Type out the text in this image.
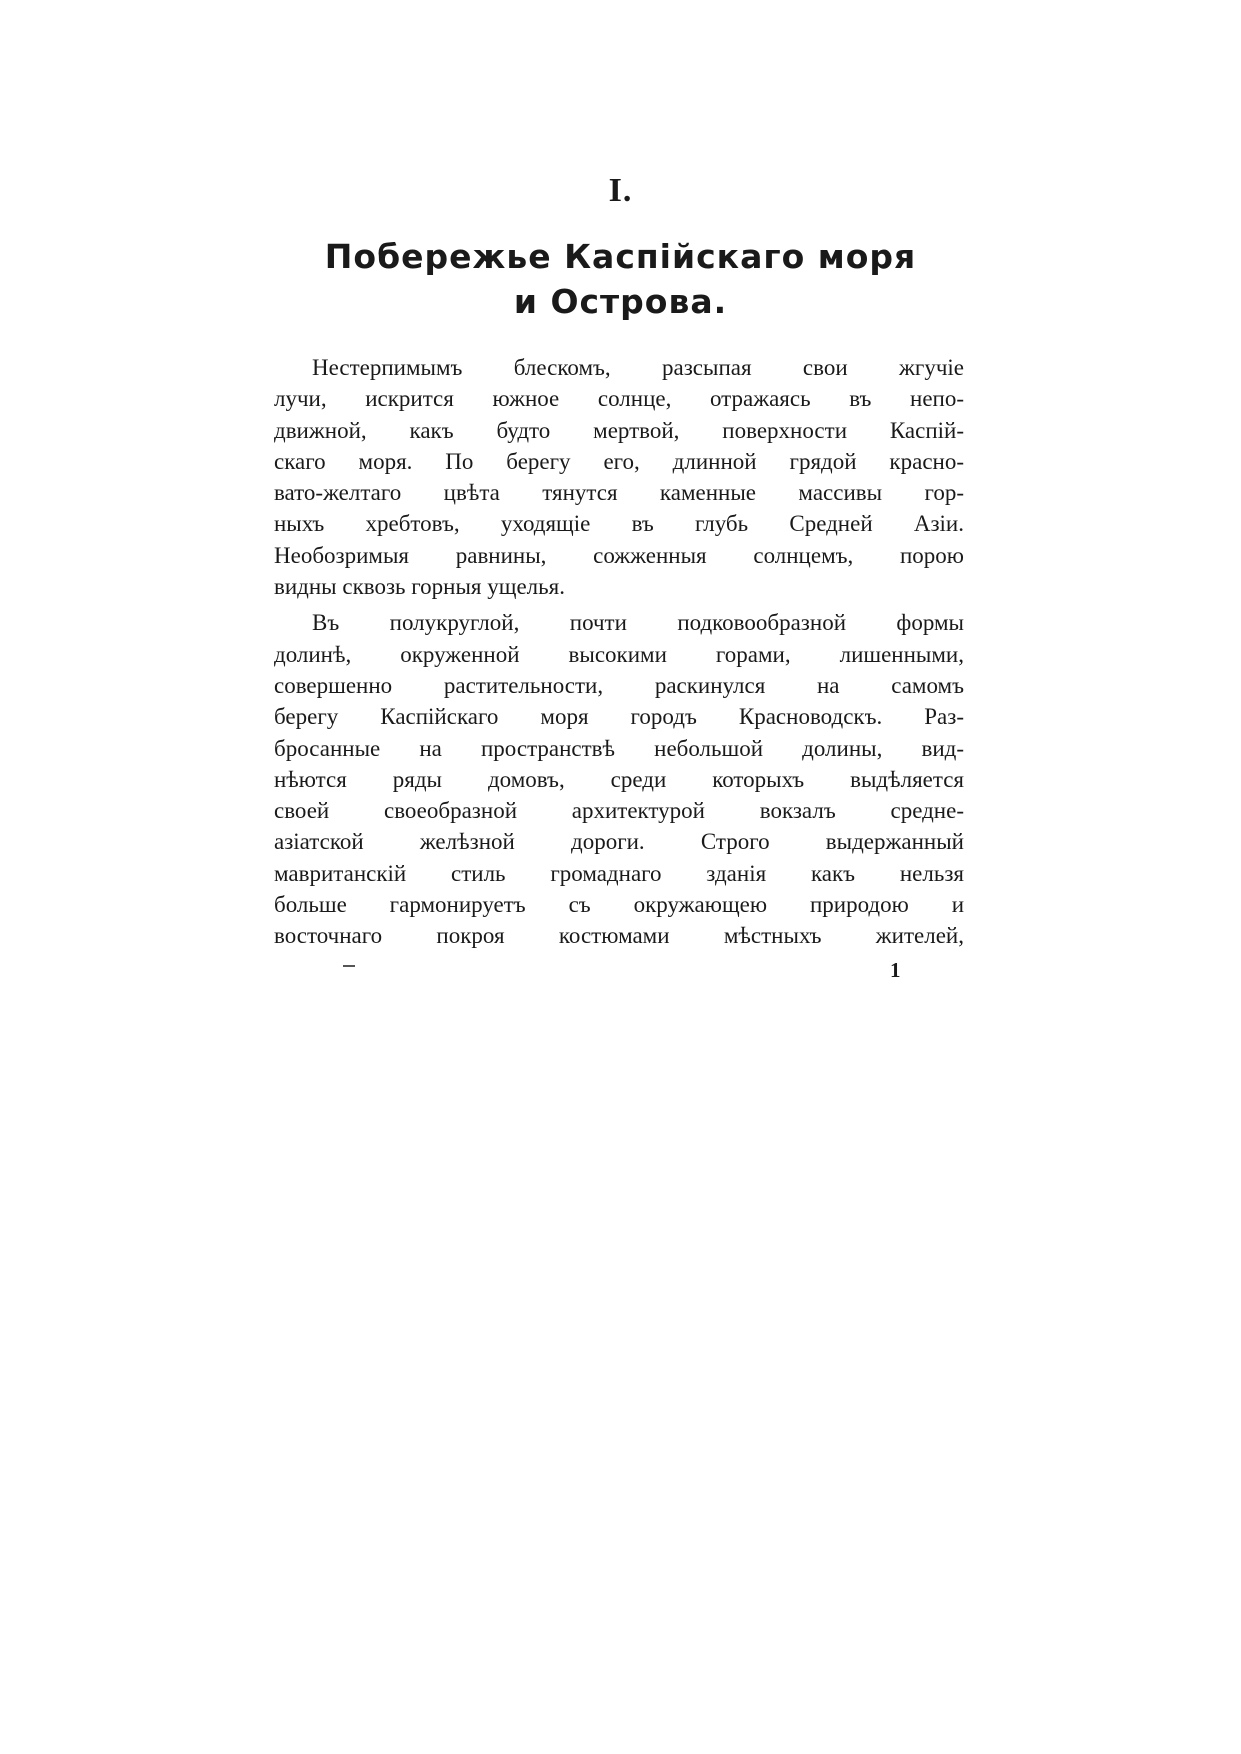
I.
Побережье Каспійскаго моря
и Острова.
Нестерпимымъ блескомъ, разсыпая свои жгучіе
лучи, искрится южное солнце, отражаясь въ непо-
движной, какъ будто мертвой, поверхности Каспій-
скаго моря. По берегу его, длинной грядой красно-
вато-желтаго цвѣта тянутся каменные массивы гор-
ныхъ хребтовъ, уходящіе въ глубь Средней Азіи.
Необозримыя равнины, сожженныя солнцемъ, порою
видны сквозь горныя ущелья.
Въ полукруглой, почти подковообразной формы
долинѣ, окруженной высокими горами, лишенными,
совершенно растительности, раскинулся на самомъ
берегу Каспійскаго моря городъ Красноводскъ. Раз-
бросанные на пространствѣ небольшой долины, вид-
нѣются ряды домовъ, среди которыхъ выдѣляется
своей своеобразной архитектурой вокзалъ средне-
азіатской желѣзной дороги. Строго выдержанный
мавританскій стиль громаднаго зданія какъ нельзя
больше гармонируетъ съ окружающею природою и
восточнаго покроя костюмами мѣстныхъ жителей,
1
